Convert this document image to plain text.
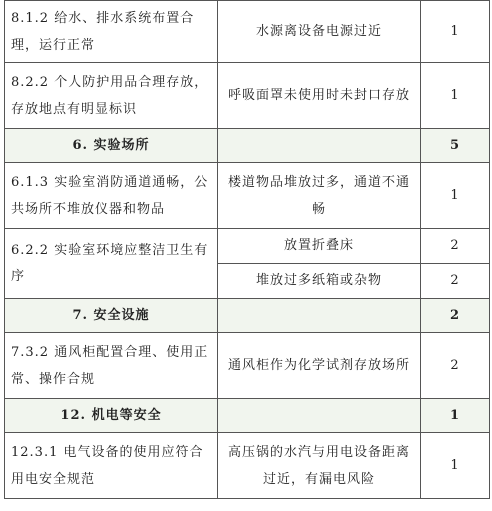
8.1.2 给水、排水系统布置合理，运行正常	水源离设备电源过近	1
8.2.2 个人防护用品合理存放，存放地点有明显标识	呼吸面罩未使用时未封口存放	1
6. 实验场所		5
6.1.3 实验室消防通道通畅，公共场所不堆放仪器和物品	楼道物品堆放过多，通道不通畅	1
6.2.2 实验室环境应整洁卫生有序	放置折叠床	2
	堆放过多纸箱或杂物	2
7. 安全设施		2
7.3.2 通风柜配置合理、使用正常、操作合规	通风柜作为化学试剂存放场所	2
12. 机电等安全		1
12.3.1 电气设备的使用应符合用电安全规范	高压锅的水汽与用电设备距离过近，有漏电风险	1
